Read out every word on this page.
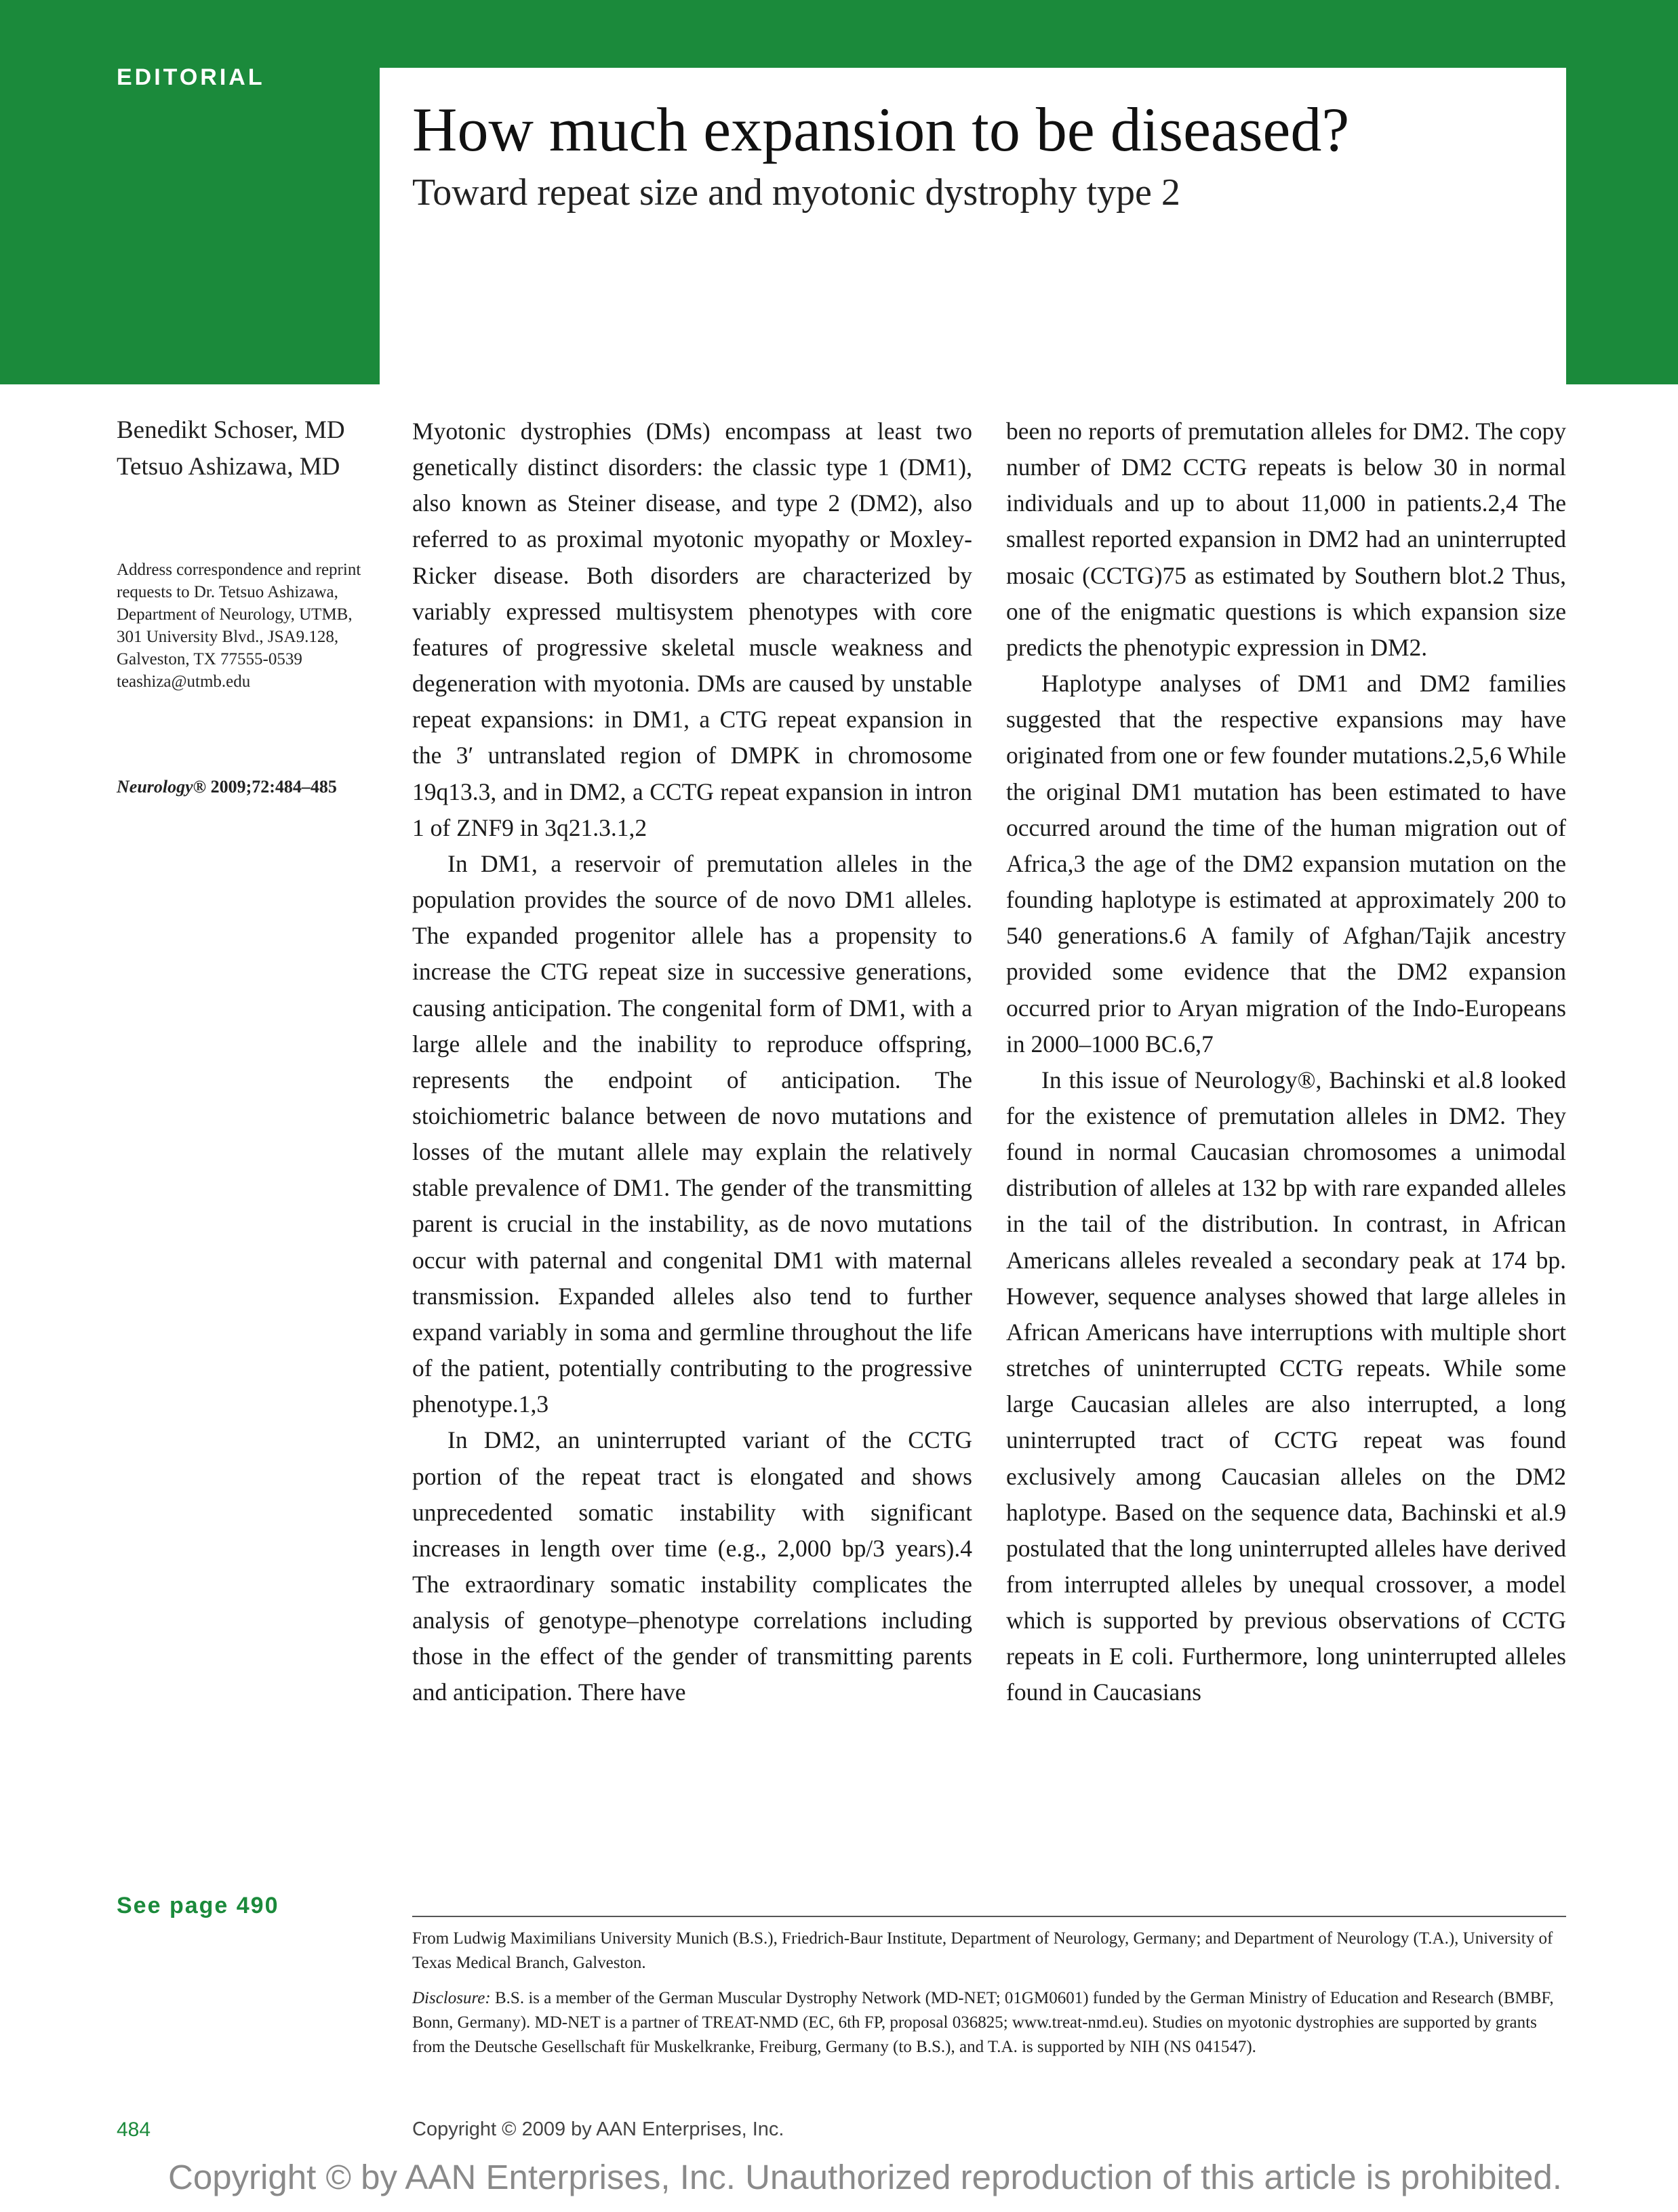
EDITORIAL
How much expansion to be diseased?
Toward repeat size and myotonic dystrophy type 2
Benedikt Schoser, MD
Tetsuo Ashizawa, MD
Address correspondence and reprint requests to Dr. Tetsuo Ashizawa, Department of Neurology, UTMB, 301 University Blvd., JSA9.128, Galveston, TX 77555-0539 teashiza@utmb.edu
Neurology® 2009;72:484–485

Myotonic dystrophies (DMs) encompass at least two genetically distinct disorders: the classic type 1 (DM1), also known as Steiner disease, and type 2 (DM2), also referred to as proximal myotonic myopathy or Moxley-Ricker disease. Both disorders are characterized by variably expressed multisystem phenotypes with core features of progressive skeletal muscle weakness and degeneration with myotonia. DMs are caused by unstable repeat expansions: in DM1, a CTG repeat expansion in the 3′ untranslated region of DMPK in chromosome 19q13.3, and in DM2, a CCTG repeat expansion in intron 1 of ZNF9 in 3q21.3.1,2

In DM1, a reservoir of premutation alleles in the population provides the source of de novo DM1 alleles. The expanded progenitor allele has a propensity to increase the CTG repeat size in successive generations, causing anticipation. The congenital form of DM1, with a large allele and the inability to reproduce offspring, represents the endpoint of anticipation. The stoichiometric balance between de novo mutations and losses of the mutant allele may explain the relatively stable prevalence of DM1. The gender of the transmitting parent is crucial in the instability, as de novo mutations occur with paternal and congenital DM1 with maternal transmission. Expanded alleles also tend to further expand variably in soma and germline throughout the life of the patient, potentially contributing to the progressive phenotype.1,3

In DM2, an uninterrupted variant of the CCTG portion of the repeat tract is elongated and shows unprecedented somatic instability with significant increases in length over time (e.g., 2,000 bp/3 years).4 The extraordinary somatic instability complicates the analysis of genotype–phenotype correlations including those in the effect of the gender of transmitting parents and anticipation. There have

been no reports of premutation alleles for DM2. The copy number of DM2 CCTG repeats is below 30 in normal individuals and up to about 11,000 in patients.2,4 The smallest reported expansion in DM2 had an uninterrupted mosaic (CCTG)75 as estimated by Southern blot.2 Thus, one of the enigmatic questions is which expansion size predicts the phenotypic expression in DM2.

Haplotype analyses of DM1 and DM2 families suggested that the respective expansions may have originated from one or few founder mutations.2,5,6 While the original DM1 mutation has been estimated to have occurred around the time of the human migration out of Africa,3 the age of the DM2 expansion mutation on the founding haplotype is estimated at approximately 200 to 540 generations.6 A family of Afghan/Tajik ancestry provided some evidence that the DM2 expansion occurred prior to Aryan migration of the Indo-Europeans in 2000–1000 BC.6,7

In this issue of Neurology®, Bachinski et al.8 looked for the existence of premutation alleles in DM2. They found in normal Caucasian chromosomes a unimodal distribution of alleles at 132 bp with rare expanded alleles in the tail of the distribution. In contrast, in African Americans alleles revealed a secondary peak at 174 bp. However, sequence analyses showed that large alleles in African Americans have interruptions with multiple short stretches of uninterrupted CCTG repeats. While some large Caucasian alleles are also interrupted, a long uninterrupted tract of CCTG repeat was found exclusively among Caucasian alleles on the DM2 haplotype. Based on the sequence data, Bachinski et al.9 postulated that the long uninterrupted alleles have derived from interrupted alleles by unequal crossover, a model which is supported by previous observations of CCTG repeats in E coli. Furthermore, long uninterrupted alleles found in Caucasians

See page 490
From Ludwig Maximilians University Munich (B.S.), Friedrich-Baur Institute, Department of Neurology, Germany; and Department of Neurology (T.A.), University of Texas Medical Branch, Galveston.
Disclosure: B.S. is a member of the German Muscular Dystrophy Network (MD-NET; 01GM0601) funded by the German Ministry of Education and Research (BMBF, Bonn, Germany). MD-NET is a partner of TREAT-NMD (EC, 6th FP, proposal 036825; www.treat-nmd.eu). Studies on myotonic dystrophies are supported by grants from the Deutsche Gesellschaft für Muskelkranke, Freiburg, Germany (to B.S.), and T.A. is supported by NIH (NS 041547).
484	Copyright © 2009 by AAN Enterprises, Inc.
Copyright © by AAN Enterprises, Inc. Unauthorized reproduction of this article is prohibited.
